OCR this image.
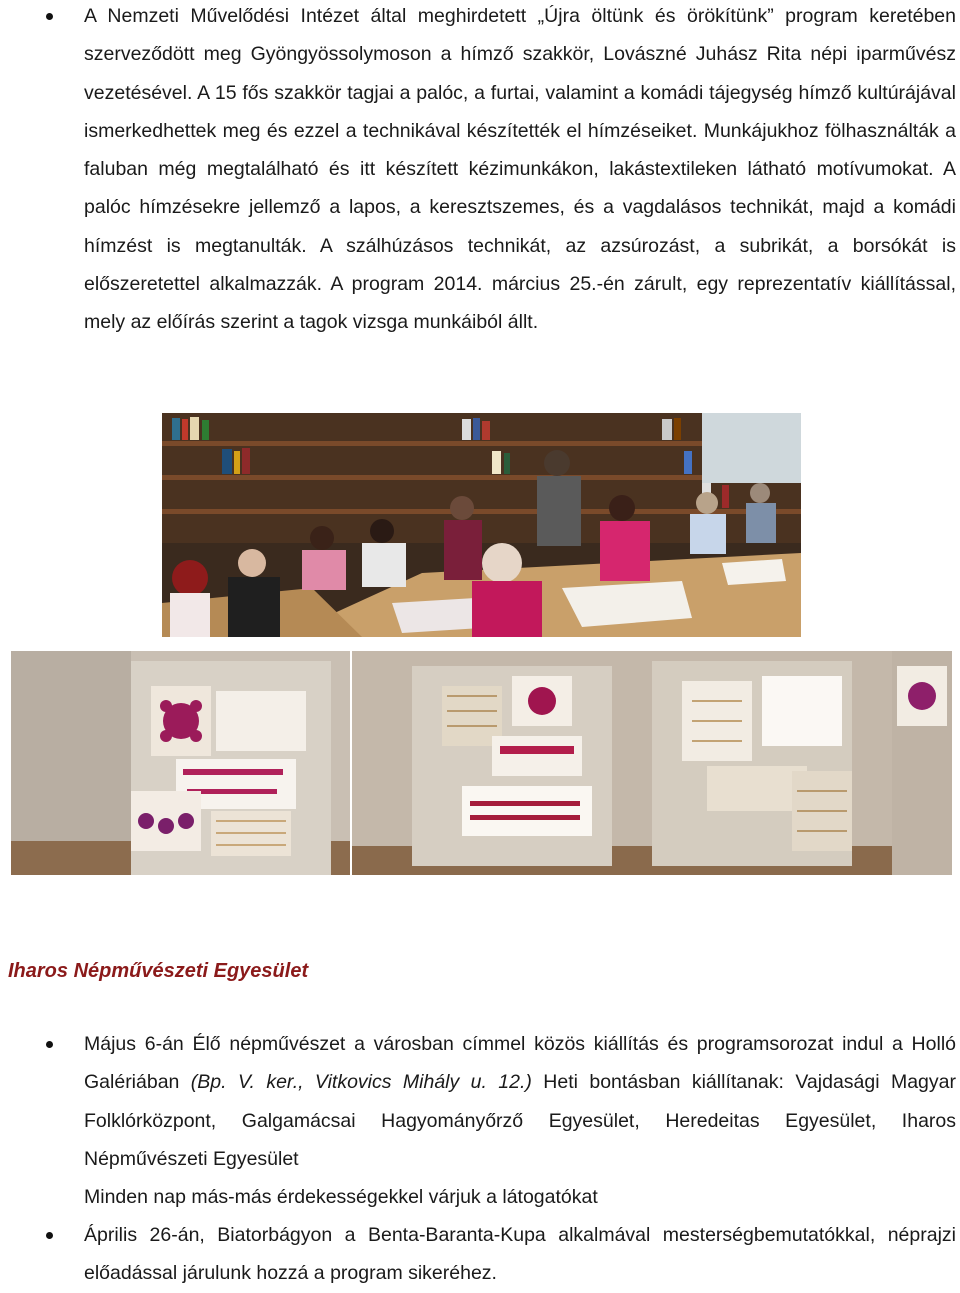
A Nemzeti Művelődési Intézet által meghirdetett „Újra öltünk és örökítünk” program keretében szerveződött meg Gyöngyössolymoson a hímző szakkör, Lovászné Juhász Rita népi iparművész vezetésével. A 15 fős szakkör tagjai a palóc, a furtai, valamint a komádi tájegység hímző kultúrájával ismerkedhettek meg és ezzel a technikával készítették el hímzéseiket. Munkájukhoz fölhasználták a faluban még megtalálható és itt készített kézimunkákon, lakástextileken látható motívumokat. A palóc hímzésekre jellemző a lapos, a keresztszemes, és a vagdalásos technikát, majd a komádi hímzést is megtanulták. A szálhúzásos technikát, az azsúrozást, a subrikát, a borsókát is előszeretettel alkalmazzák. A program 2014. március 25.-én zárult, egy reprezentatív kiállítással, mely az előírás szerint a tagok vizsga munkáiból állt.

Iharos Népművészeti Egyesület

Május 6-án Élő népművészet a városban címmel közös kiállítás és programsorozat indul a Holló Galériában (Bp. V. ker., Vitkovics Mihály u. 12.) Heti bontásban kiállítanak: Vajdasági Magyar Folklórközpont, Galgamácsai Hagyományőrző Egyesület, Heredeitas Egyesület, Iharos Népművészeti Egyesület

Minden nap más-más érdekességekkel várjuk a látogatókat

Április 26-án, Biatorbágyon a Benta-Baranta-Kupa alkalmával mesterségbemutatókkal, néprajzi előadással járulunk hozzá a program sikeréhez.
